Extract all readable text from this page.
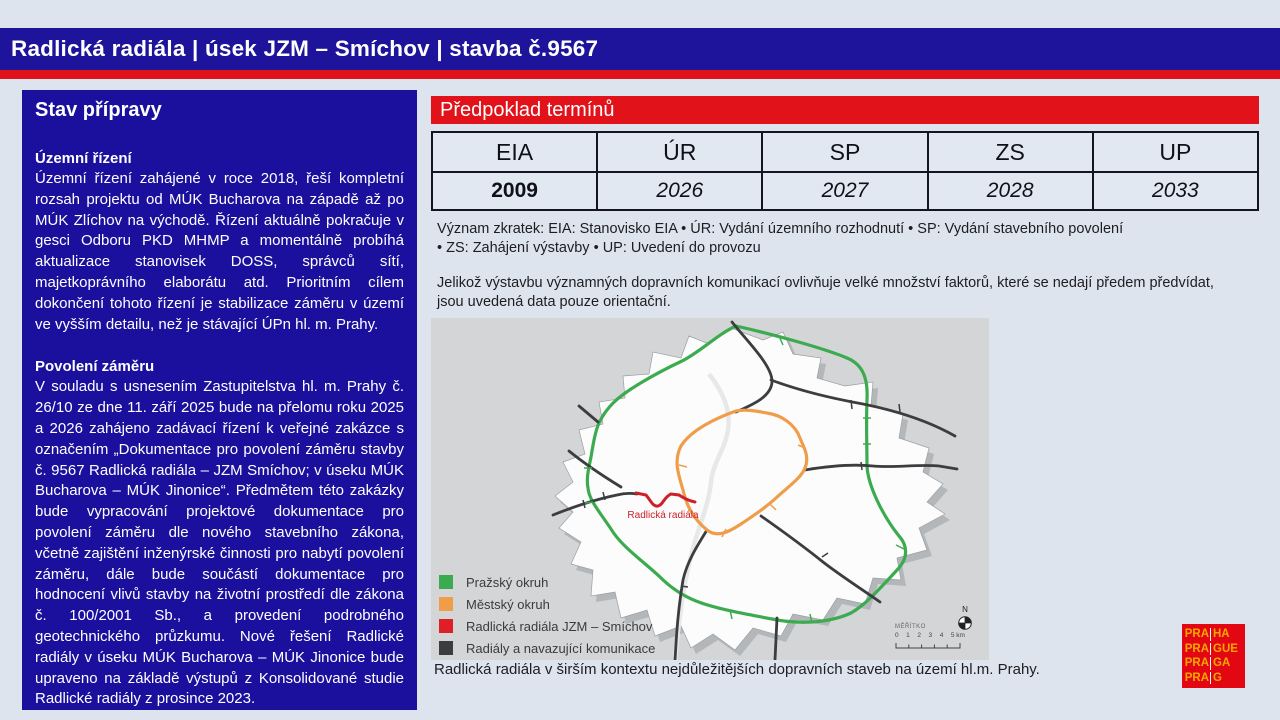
Radlická radiála | úsek JZM – Smíchov | stavba č.9567
Stav přípravy
Územní řízení

Územní řízení zahájené v roce 2018, řeší kompletní rozsah projektu od MÚK Bucharova na západě až po MÚK Zlíchov na východě. Řízení aktuálně pokračuje v gesci Odboru PKD MHMP a momentálně probíhá aktualizace stanovisek DOSS, správců sítí, majetkoprávního elaborátu atd. Prioritním cílem dokončení tohoto řízení je stabilizace záměru v území ve vyšším detailu, než je stávající ÚPn hl. m. Prahy.

Povolení záměru

V souladu s usnesením Zastupitelstva hl. m. Prahy č. 26/10 ze dne 11. září 2025 bude na přelomu roku 2025 a 2026 zahájeno zadávací řízení k veřejné zakázce s označením „Dokumentace pro povolení záměru stavby č. 9567 Radlická radiála – JZM Smíchov; v úseku MÚK Bucharova – MÚK Jinonice“. Předmětem této zakázky bude vypracování projektové dokumentace pro povolení záměru dle nového stavebního zákona, včetně zajištění inženýrské činnosti pro nabytí povolení záměru, dále bude součástí dokumentace pro hodnocení vlivů stavby na životní prostředí dle zákona č. 100/2001 Sb., a provedení podrobného geotechnického průzkumu. Nové řešení Radlické radiály v úseku MÚK Bucharova – MÚK Jinonice bude upraveno na základě výstupů z Konsolidované studie Radlické radiály z prosince 2023.

Předpoklad termínů
EIA	ÚR	SP	ZS	UP
2009	2026	2027	2028	2033
Význam zkratek: EIA: Stanovisko EIA • ÚR: Vydání územního rozhodnutí • SP: Vydání stavebního povolení
• ZS: Zahájení výstavby • UP: Uvedení do provozu
Jelikož výstavbu významných dopravních komunikací ovlivňuje velké množství faktorů, které se nedají předem předvídat,
jsou uvedená data pouze orientační.
Radlická radiála
Pražský okruh
Městský okruh
Radlická radiála JZM – Smíchov
Radiály a navazující komunikace
N
MĚŘÍTKO
0 1 2 3 4 5 km
Radlická radiála v širším kontextu nejdůležitějších dopravních staveb na území hl.m. Prahy.
PRA HA
PRA GUE
PRA GA
PRA G
